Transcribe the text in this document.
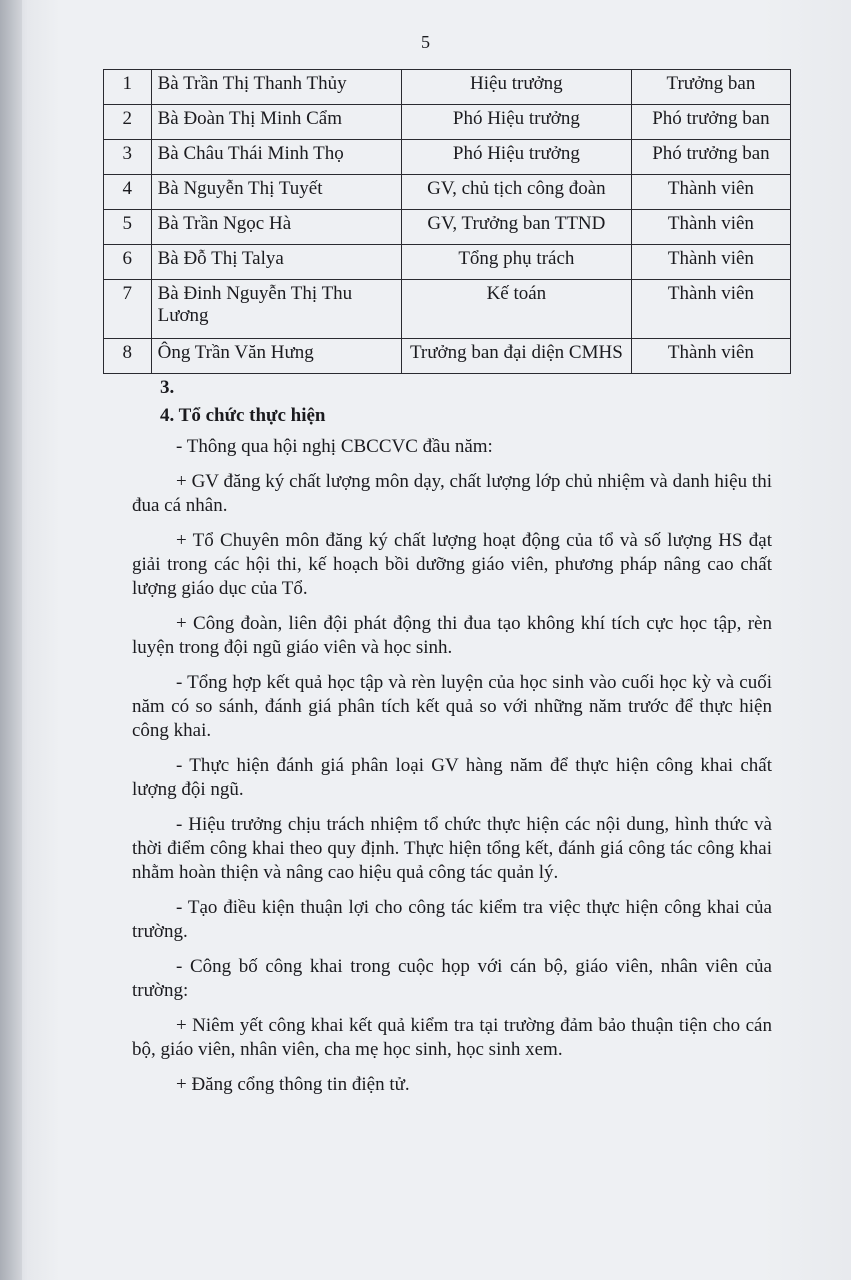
5
1	Bà Trần Thị Thanh Thủy	Hiệu trưởng	Trưởng ban
2	Bà Đoàn Thị Minh Cẩm	Phó Hiệu trưởng	Phó trưởng ban
3	Bà Châu Thái Minh Thọ	Phó Hiệu trưởng	Phó trưởng ban
4	Bà Nguyễn Thị Tuyết	GV, chủ tịch công đoàn	Thành viên
5	Bà Trần Ngọc Hà	GV, Trưởng ban TTND	Thành viên
6	Bà Đỗ Thị Talya	Tổng phụ trách	Thành viên
7	Bà Đinh Nguyễn Thị Thu Lương	Kế toán	Thành viên
8	Ông Trần Văn Hưng	Trưởng ban đại diện CMHS	Thành viên

3.

4. Tổ chức thực hiện

- Thông qua hội nghị CBCCVC đầu năm:

+ GV đăng ký chất lượng môn dạy, chất lượng lớp chủ nhiệm và danh hiệu thi đua cá nhân.

+ Tổ Chuyên môn đăng ký chất lượng hoạt động của tổ và số lượng HS đạt giải trong các hội thi, kế hoạch bồi dưỡng giáo viên, phương pháp nâng cao chất lượng giáo dục của Tổ.

+ Công đoàn, liên đội phát động thi đua tạo không khí tích cực học tập, rèn luyện trong đội ngũ giáo viên và học sinh.

- Tổng hợp kết quả học tập và rèn luyện của học sinh vào cuối học kỳ và cuối năm có so sánh, đánh giá phân tích kết quả so với những năm trước để thực hiện công khai.

- Thực hiện đánh giá phân loại GV hàng năm để thực hiện công khai chất lượng đội ngũ.

- Hiệu trưởng chịu trách nhiệm tổ chức thực hiện các nội dung, hình thức và thời điểm công khai theo quy định. Thực hiện tổng kết, đánh giá công tác công khai nhằm hoàn thiện và nâng cao hiệu quả công tác quản lý.

- Tạo điều kiện thuận lợi cho công tác kiểm tra việc thực hiện công khai của trường.

- Công bố công khai trong cuộc họp với cán bộ, giáo viên, nhân viên của trường:

+ Niêm yết công khai kết quả kiểm tra tại trường đảm bảo thuận tiện cho cán bộ, giáo viên, nhân viên, cha mẹ học sinh, học sinh xem.

+ Đăng cổng thông tin điện tử.
